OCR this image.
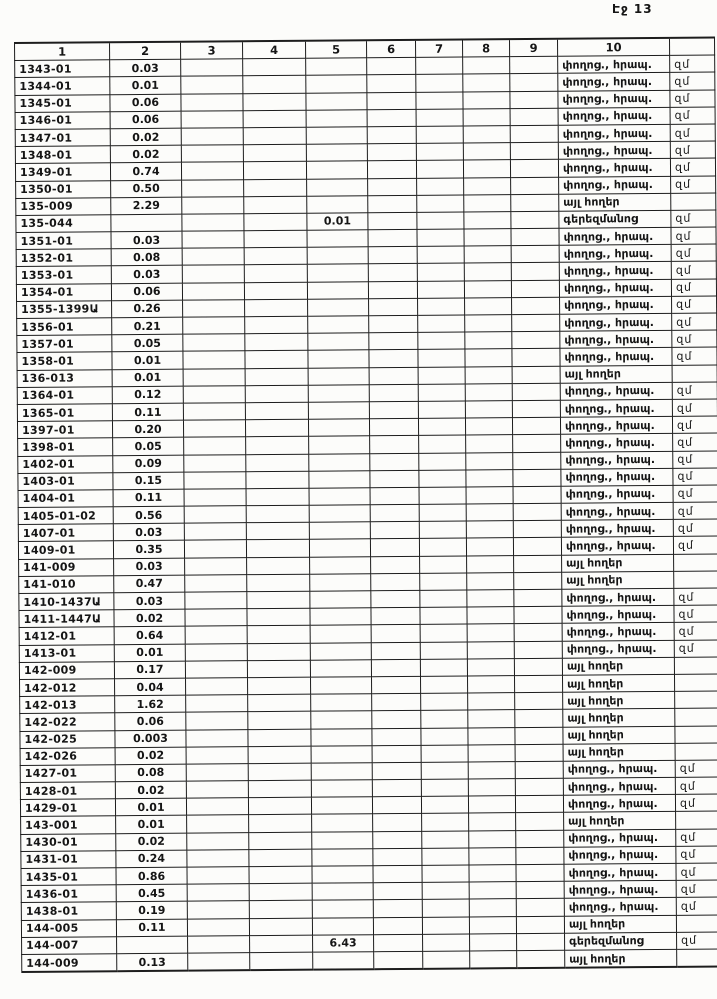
Էջ 13
1	2	3	4	5	6	7	8	9	10	
1343-01	0.03								փողոց., հրապ.	զմ
1344-01	0.01								փողոց., հրապ.	զմ
1345-01	0.06								փողոց., հրապ.	զմ
1346-01	0.06								փողոց., հրապ.	զմ
1347-01	0.02								փողոց., հրապ.	զմ
1348-01	0.02								փողոց., հրապ.	զմ
1349-01	0.74								փողոց., հրապ.	զմ
1350-01	0.50								փողոց., հրապ.	զմ
135-009	2.29								այլ հողեր	
135-044				0.01					գերեզմանոց	զմ
1351-01	0.03								փողոց., հրապ.	զմ
1352-01	0.08								փողոց., հրապ.	զմ
1353-01	0.03								փողոց., հրապ.	զմ
1354-01	0.06								փողոց., հրապ.	զմ
1355-1399Ա	0.26								փողոց., հրապ.	զմ
1356-01	0.21								փողոց., հրապ.	զմ
1357-01	0.05								փողոց., հրապ.	զմ
1358-01	0.01								փողոց., հրապ.	զմ
136-013	0.01								այլ հողեր	
1364-01	0.12								փողոց., հրապ.	զմ
1365-01	0.11								փողոց., հրապ.	զմ
1397-01	0.20								փողոց., հրապ.	զմ
1398-01	0.05								փողոց., հրապ.	զմ
1402-01	0.09								փողոց., հրապ.	զմ
1403-01	0.15								փողոց., հրապ.	զմ
1404-01	0.11								փողոց., հրապ.	զմ
1405-01-02	0.56								փողոց., հրապ.	զմ
1407-01	0.03								փողոց., հրապ.	զմ
1409-01	0.35								փողոց., հրապ.	զմ
141-009	0.03								այլ հողեր	
141-010	0.47								այլ հողեր	
1410-1437Ա	0.03								փողոց., հրապ.	զմ
1411-1447Ա	0.02								փողոց., հրապ.	զմ
1412-01	0.64								փողոց., հրապ.	զմ
1413-01	0.01								փողոց., հրապ.	զմ
142-009	0.17								այլ հողեր	
142-012	0.04								այլ հողեր	
142-013	1.62								այլ հողեր	
142-022	0.06								այլ հողեր	
142-025	0.003								այլ հողեր	
142-026	0.02								այլ հողեր	
1427-01	0.08								փողոց., հրապ.	զմ
1428-01	0.02								փողոց., հրապ.	զմ
1429-01	0.01								փողոց., հրապ.	զմ
143-001	0.01								այլ հողեր	
1430-01	0.02								փողոց., հրապ.	զմ
1431-01	0.24								փողոց., հրապ.	զմ
1435-01	0.86								փողոց., հրապ.	զմ
1436-01	0.45								փողոց., հրապ.	զմ
1438-01	0.19								փողոց., հրապ.	զմ
144-005	0.11								այլ հողեր	
144-007				6.43					գերեզմանոց	զմ
144-009	0.13								այլ հողեր	
